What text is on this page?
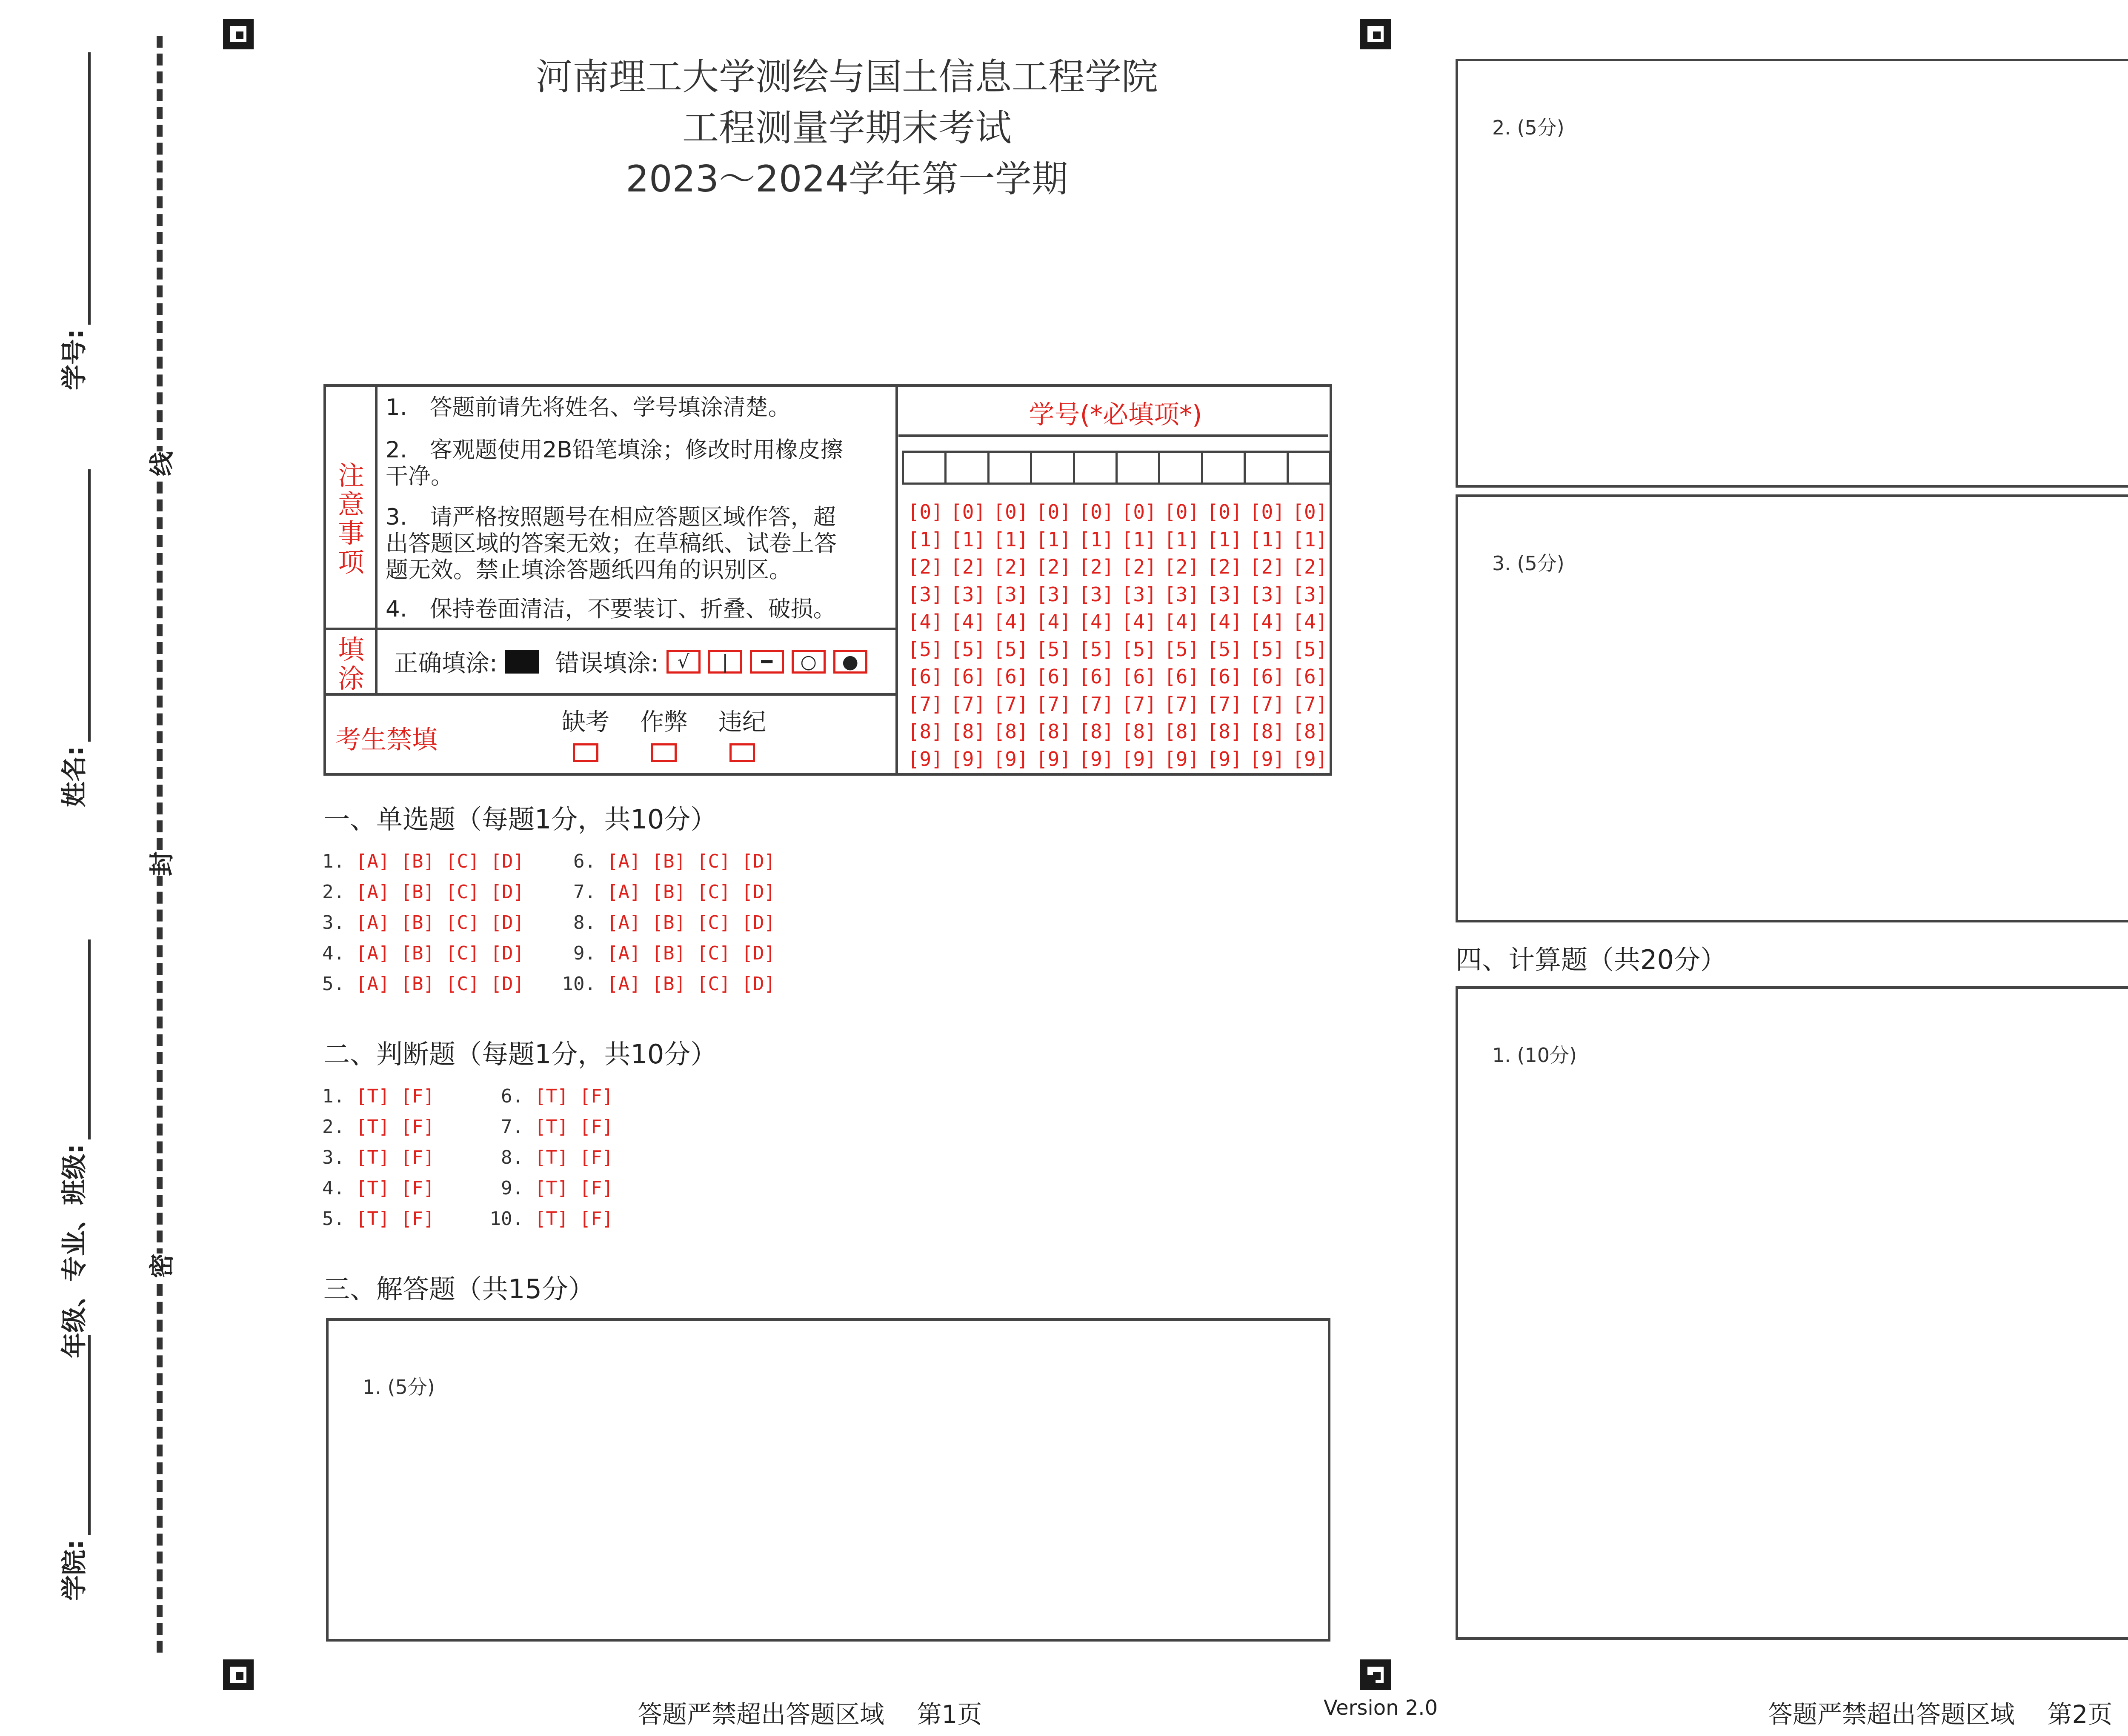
线
封
密
学号:
姓名:
年级、专业、班级:
学院:
河南理工大学测绘与国土信息工程学院
工程测量学期末考试
2023～2024学年第一学期
注意事项
1.　答题前请先将姓名、学号填涂清楚。
2.　客观题使用2B铅笔填涂；修改时用橡皮擦干净。
3.　请严格按照题号在相应答题区域作答，超出答题区域的答案无效；在草稿纸、试卷上答题无效。禁止填涂答题纸四角的识别区。
4.　保持卷面清洁，不要装订、折叠、破损。
填涂	正确填涂: 错误填涂: √	|	━	○	●
考生禁填
缺考	作弊	违纪
学号(*必填项*)
[0] [0] [0] [0] [0] [0] [0] [0] [0] [0]
[1] [1] [1] [1] [1] [1] [1] [1] [1] [1]
[2] [2] [2] [2] [2] [2] [2] [2] [2] [2]
[3] [3] [3] [3] [3] [3] [3] [3] [3] [3]
[4] [4] [4] [4] [4] [4] [4] [4] [4] [4]
[5] [5] [5] [5] [5] [5] [5] [5] [5] [5]
[6] [6] [6] [6] [6] [6] [6] [6] [6] [6]
[7] [7] [7] [7] [7] [7] [7] [7] [7] [7]
[8] [8] [8] [8] [8] [8] [8] [8] [8] [8]
[9] [9] [9] [9] [9] [9] [9] [9] [9] [9]
一、单选题（每题1分，共10分）
1. [A] [B] [C] [D]
2. [A] [B] [C] [D]
3. [A] [B] [C] [D]
4. [A] [B] [C] [D]
5. [A] [B] [C] [D]
6. [A] [B] [C] [D]
7. [A] [B] [C] [D]
8. [A] [B] [C] [D]
9. [A] [B] [C] [D]
10. [A] [B] [C] [D]
二、判断题（每题1分，共10分）
1. [T] [F]
2. [T] [F]
3. [T] [F]
4. [T] [F]
5. [T] [F]
6. [T] [F]
7. [T] [F]
8. [T] [F]
9. [T] [F]
10. [T] [F]
三、解答题（共15分）
1. (5分)
2. (5分)
3. (5分)
四、计算题（共20分）
1. (10分)
答题严禁超出答题区域　 第1页	Version 2.0	答题严禁超出答题区域　 第2页
